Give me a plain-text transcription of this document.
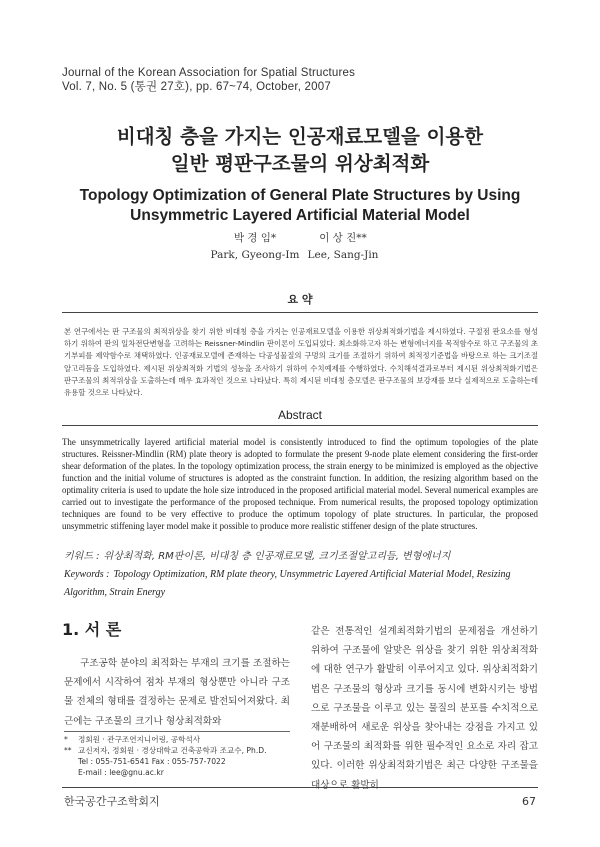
Journal of the Korean Association for Spatial Structures
Vol. 7, No. 5 (통권 27호), pp. 67~74, October, 2007
비대칭 층을 가지는 인공재료모델을 이용한
일반 평판구조물의 위상최적화
Topology Optimization of General Plate Structures by Using
Unsymmetric Layered Artificial Material Model
박 경 임*
Park, Gyeong-Im
이 상 진**
Lee, Sang-Jin
요 약
본 연구에서는 판 구조물의 최적위상을 찾기 위한 비대칭 층을 가지는 인공재료모델을 이용한 위상최적화기법을 제시하였다. 구절점 판요소를 형성하기 위하여 판의 일차전단변형을 고려하는 Reissner-Mindlin 판이론이 도입되었다. 최소화하고자 하는 변형에너지를 목적함수로 하고 구조물의 초기부피를 제약함수로 채택하였다. 인공재료모델에 존재하는 다공성물질의 구멍의 크기를 조절하기 위하여 최적정기준법을 바탕으로 하는 크기조절알고리듬을 도입하였다. 제시된 위상최적화 기법의 성능을 조사하기 위하여 수치예제를 수행하였다. 수치해석결과로부터 제시된 위상최적화기법은 판구조물의 최적위상을 도출하는데 매우 효과적인 것으로 나타났다. 특히 제시된 비대칭 층모델은 판구조물의 보강재를 보다 실제적으로 도출하는데 유용할 것으로 나타났다.
Abstract
The unsymmetrically layered artificial material model is consistently introduced to find the optimum topologies of the plate structures. Reissner-Mindlin (RM) plate theory is adopted to formulate the present 9-node plate element considering the first-order shear deformation of the plates. In the topology optimization process, the strain energy to be minimized is employed as the objective function and the initial volume of structures is adopted as the constraint function. In addition, the resizing algorithm based on the optimality criteria is used to update the hole size introduced in the proposed artificial material model. Several numerical examples are carried out to investigate the performance of the proposed technique. From numerical results, the proposed topology optimization techniques are found to be very effective to produce the optimum topology of plate structures. In particular, the proposed unsymmetric stiffening layer model make it possible to produce more realistic stiffener design of the plate structures.
키워드 : 위상최적화, RM판이론, 비대칭 층 인공재료모델, 크기조절알고리듬, 변형에너지
Keywords : Topology Optimization, RM plate theory, Unsymmetric Layered Artificial Material Model, Resizing Algorithm, Strain Energy
1. 서 론
구조공학 분야의 최적화는 부재의 크기를 조절하는 문제에서 시작하여 점차 부재의 형상뿐만 아니라 구조물 전체의 형태를 결정하는 문제로 발전되어져왔다. 최근에는 구조물의 크기나 형상최적화와
같은 전통적인 설계최적화기법의 문제점을 개선하기 위하여 구조물에 알맞은 위상을 찾기 위한 위상최적화에 대한 연구가 활발히 이루어지고 있다. 위상최적화기법은 구조물의 형상과 크기를 동시에 변화시키는 방법으로 구조물을 이루고 있는 물질의 분포를 수치적으로 재분배하여 새로운 위상을 찾아내는 강점을 가지고 있어 구조물의 최적화를 위한 필수적인 요소로 자리 잡고 있다. 이러한 위상최적화기법은 최근 다양한 구조물을 대상으로 활발히
* 정회원 · 관구조연지니어링, 공학석사
** 교신저자, 정회원 · 경상대학교 건축공학과 조교수, Ph.D.
Tel : 055-751-6541 Fax : 055-757-7022
E-mail : lee@gnu.ac.kr
한국공간구조학회지	67
